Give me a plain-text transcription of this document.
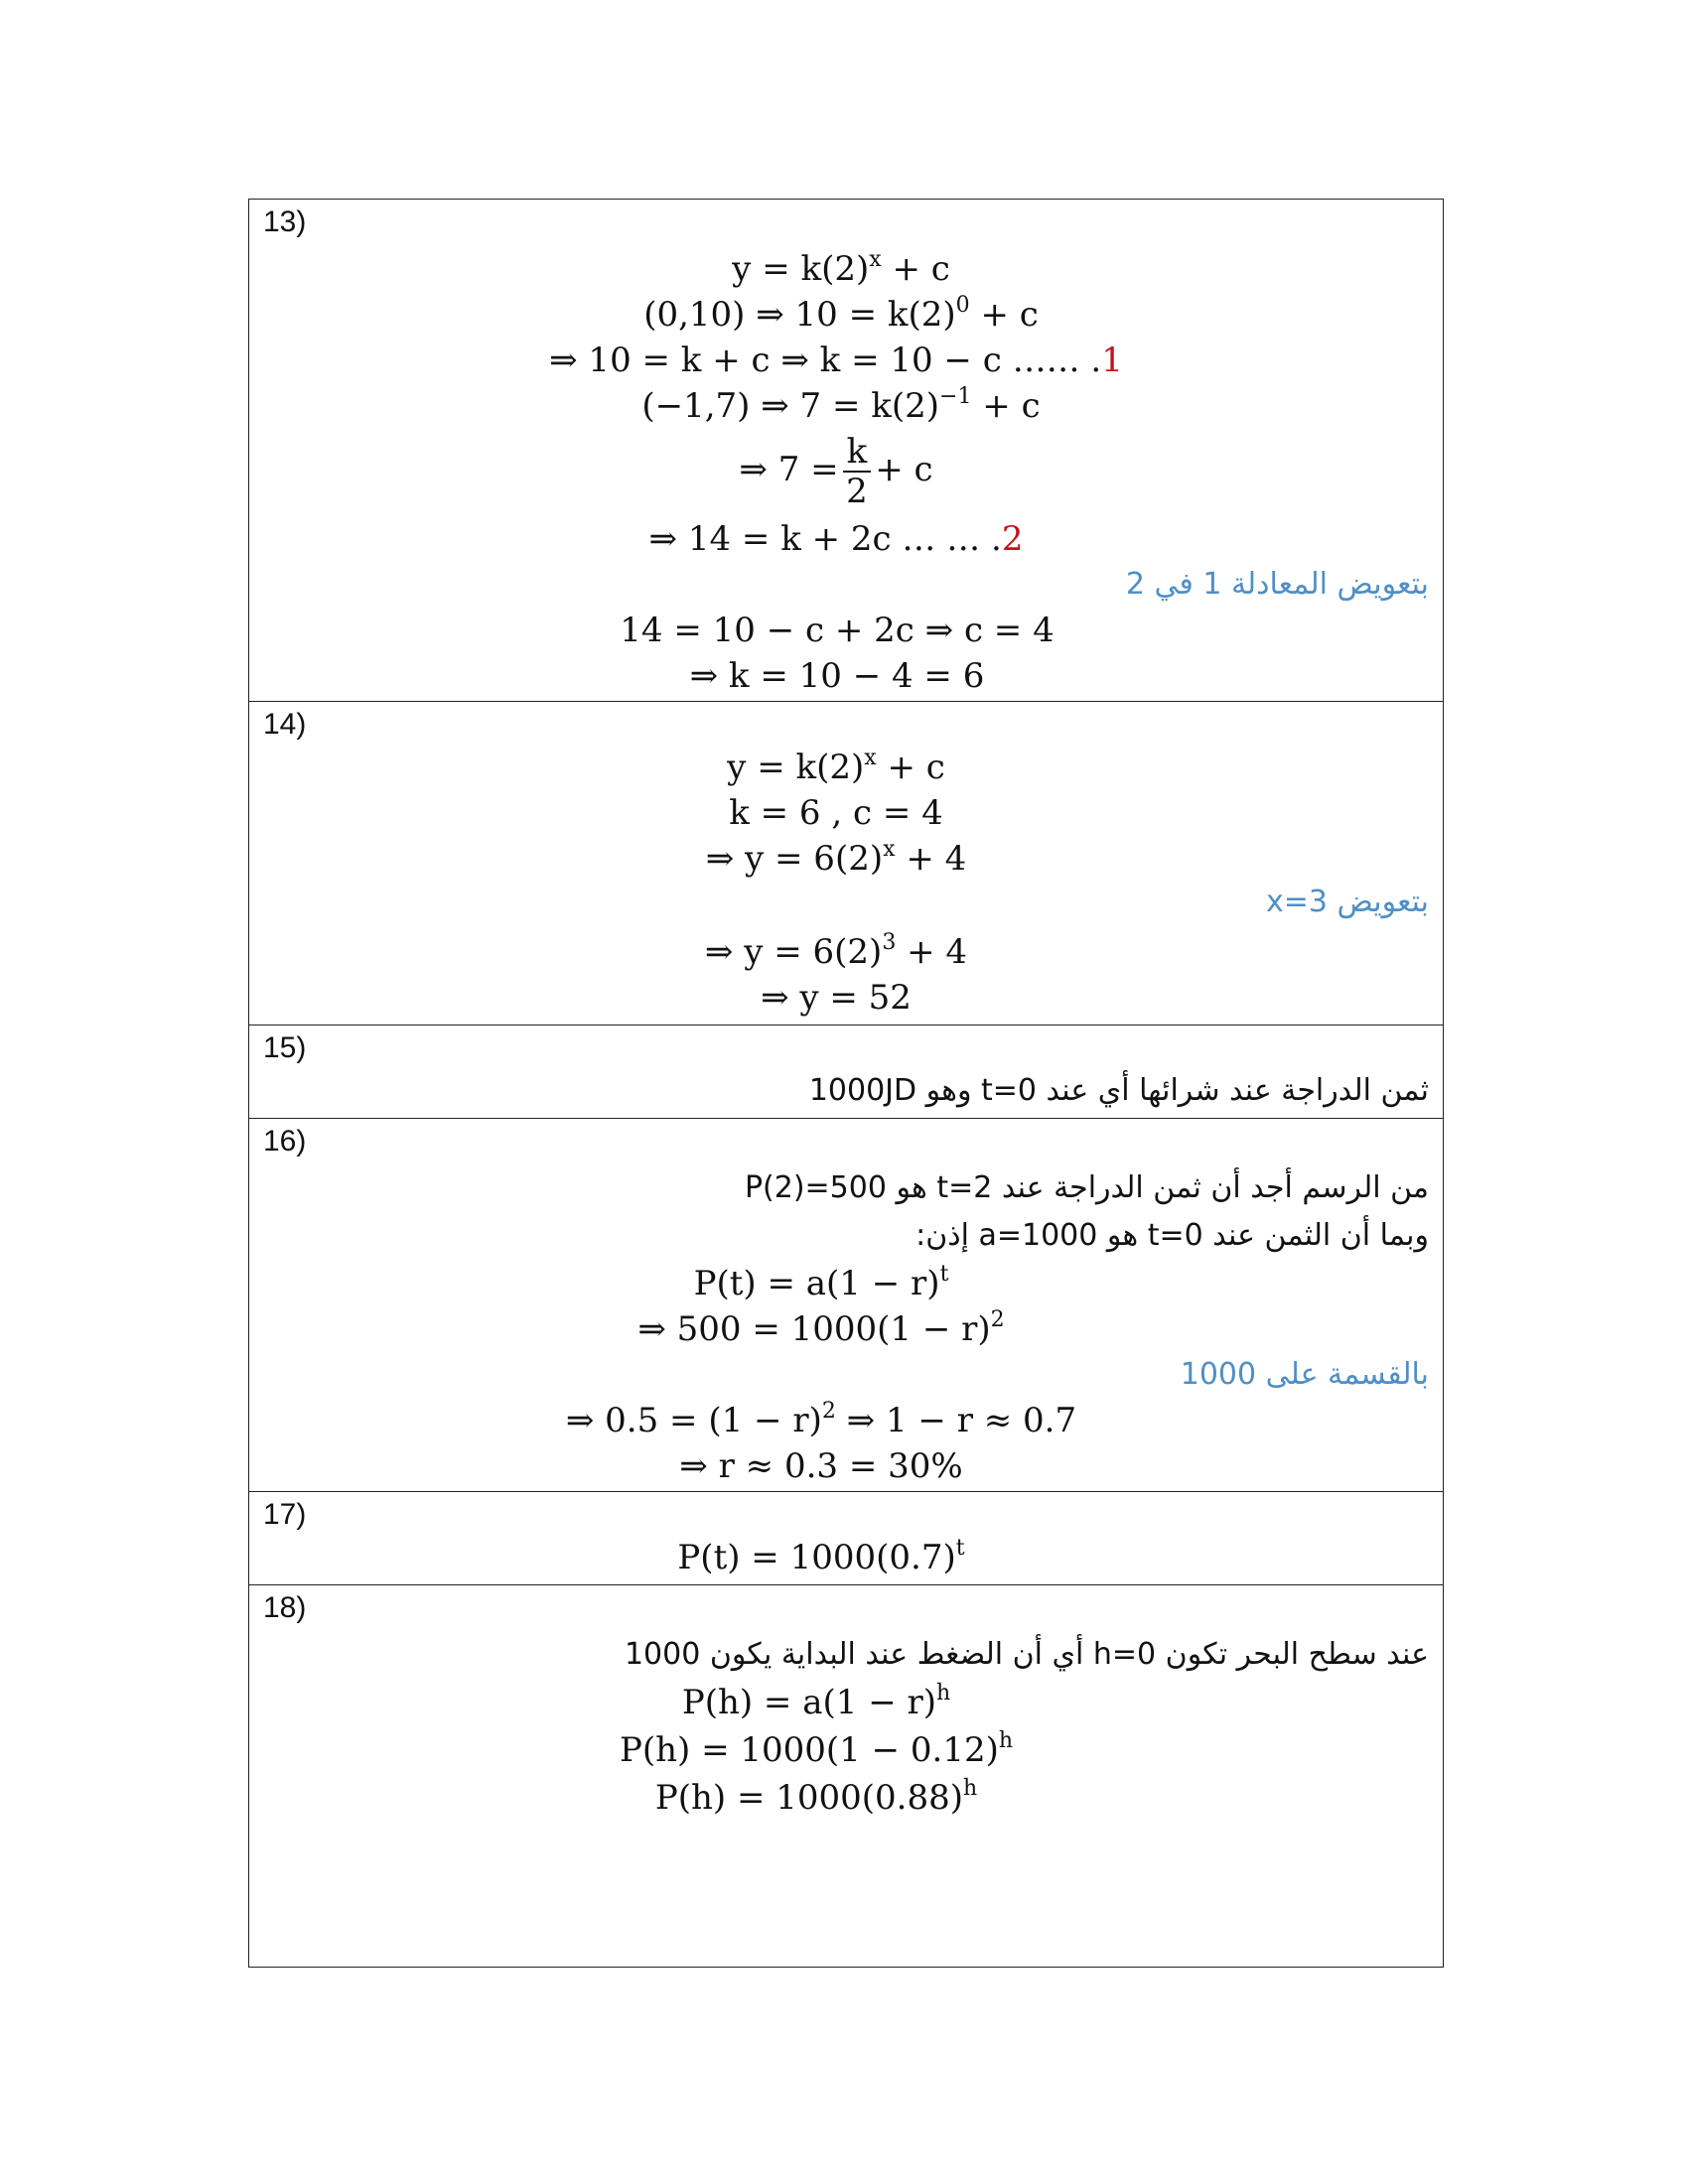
13)
$y = k(2)^x + c$
(0,10) ⇒ $10 = k(2)^0 + c$
⇒ 10 = k + c ⇒ k = 10 − c …… .1
(−1,7) ⇒ $7 = k(2)^{-1} + c$
⇒ $7 = \frac{k}{2} + c$
⇒ 14 = k + 2c … … .2
بتعويض المعادلة 1 في 2
14 = 10 − c + 2c ⇒ c = 4
⇒ k = 10 − 4 = 6
14)
$y = k(2)^x + c$
k = 6 , c = 4
⇒ $y = 6(2)^x + 4$
بتعويض x=3
⇒ $y = 6(2)^3 + 4$
⇒ y = 52
15)
ثمن الدراجة عند شرائها أي عند t=0 وهو 1000JD
16)
من الرسم أجد أن ثمن الدراجة عند t=2 هو P(2)=500
وبما أن الثمن عند t=0 هو a=1000 إذن:
$P(t) = a(1 - r)^t$
⇒ $500 = 1000(1 - r)^2$
بالقسمة على 1000
⇒ $0.5 = (1 - r)^2$ ⇒ 1 − r ≈ 0.7
⇒ r ≈ 0.3 = 30%
17)
$P(t) = 1000(0.7)^t$
18)
عند سطح البحر تكون h=0 أي أن الضغط عند البداية يكون 1000
$P(h) = a(1 - r)^h$
$P(h) = 1000(1 - 0.12)^h$
$P(h) = 1000(0.88)^h$
